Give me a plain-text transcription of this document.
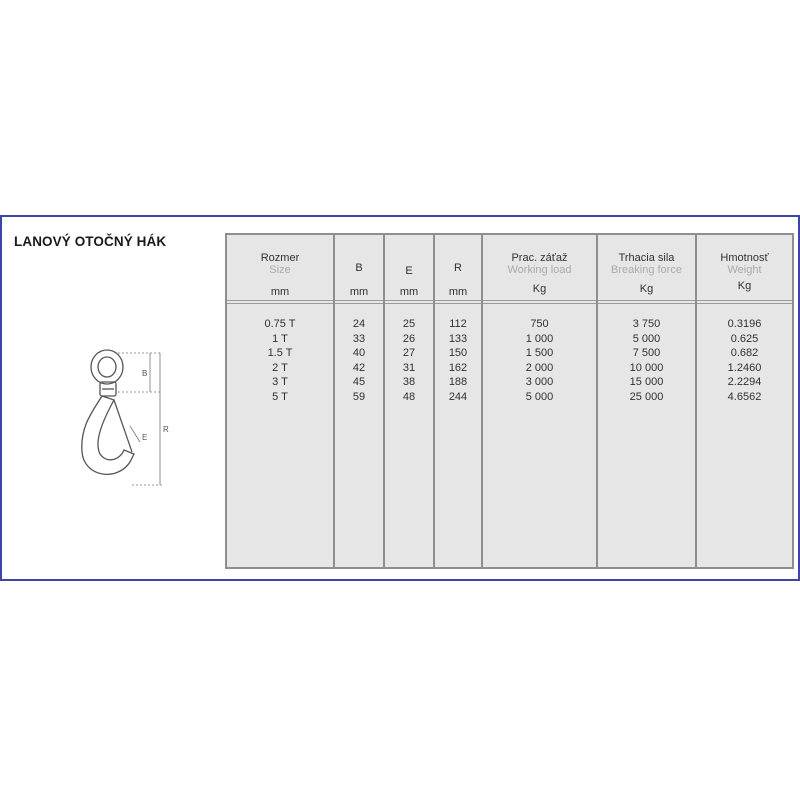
LANOVÝ OTOČNÝ HÁK
B
R
E
Rozmer
Size
mm
0.75 T
1 T
1.5 T
2 T
3 T
5 T
B
mm
24
33
40
42
45
59
E
mm
25
26
27
31
38
48
R
mm
112
133
150
162
188
244
Prac. záťaž
Working load
Kg
750
1 000
1 500
2 000
3 000
5 000
Trhacia sila
Breaking force
Kg
3 750
5 000
7 500
10 000
15 000
25 000
Hmotnosť
Weight
Kg
0.3196
0.625
0.682
1.2460
2.2294
4.6562
